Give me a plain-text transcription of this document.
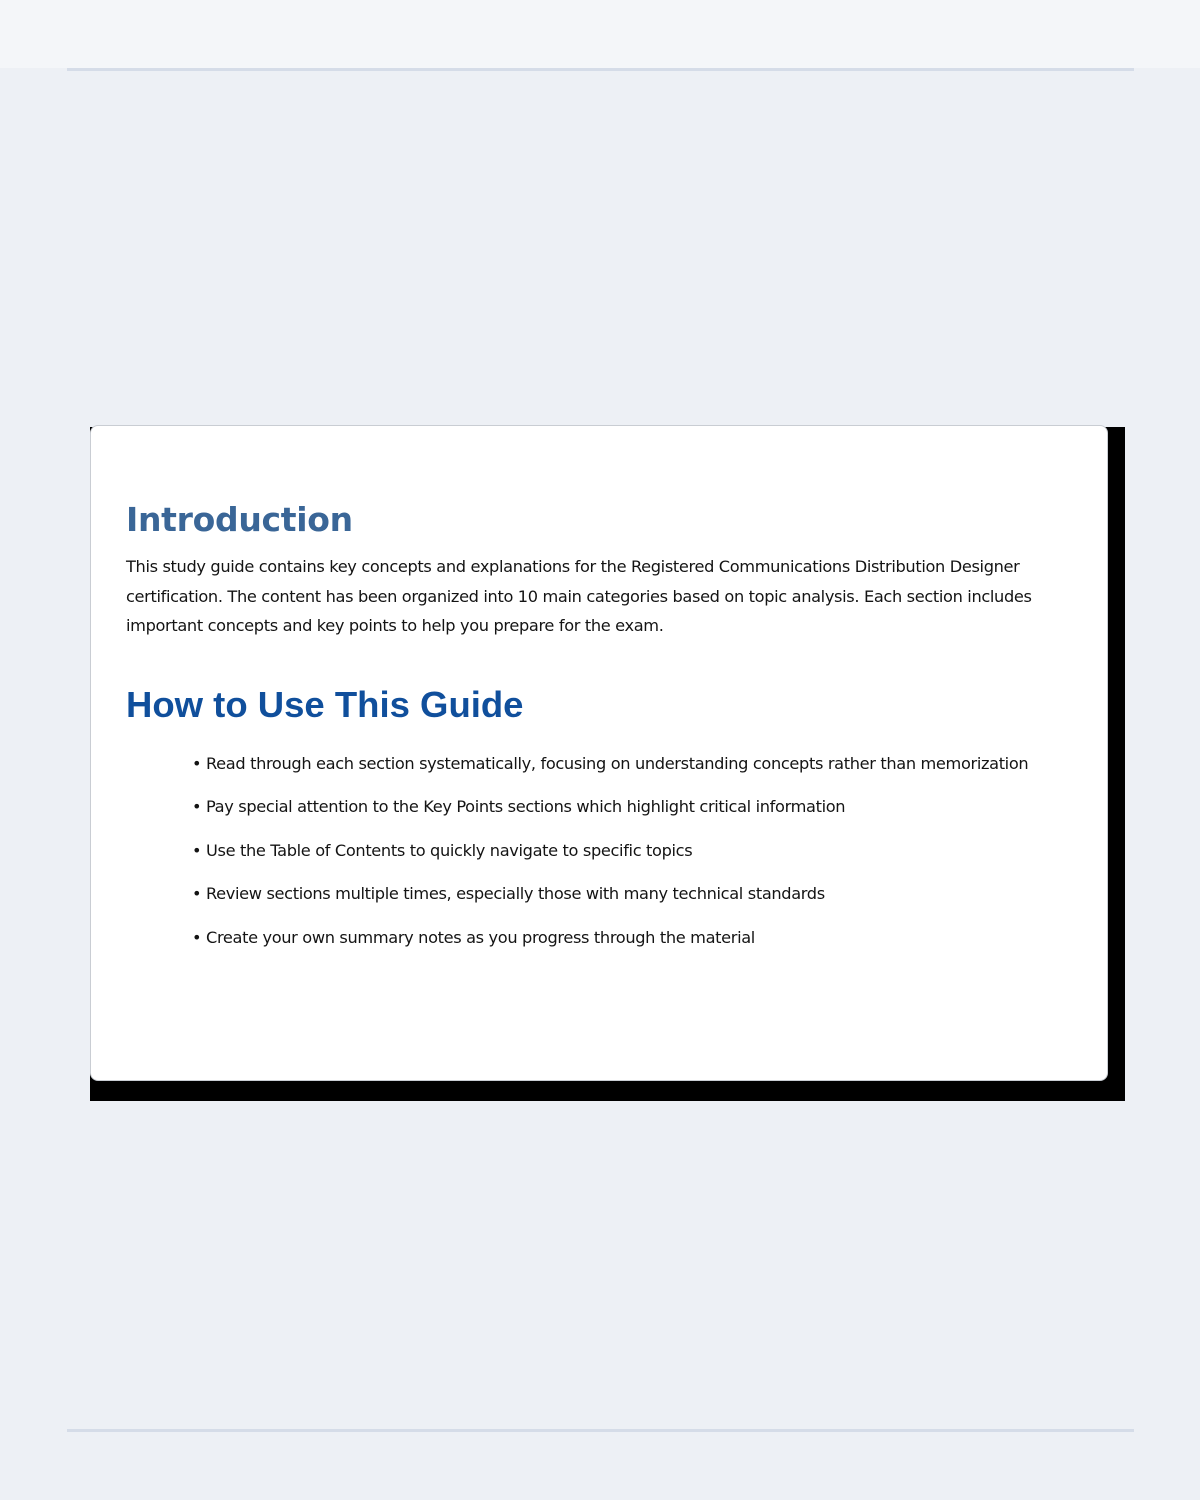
Introduction

This study guide contains key concepts and explanations for the Registered Communications Distribution Designer certification. The content has been organized into 10 main categories based on topic analysis. Each section includes important concepts and key points to help you prepare for the exam.

How to Use This Guide
• Read through each section systematically, focusing on understanding concepts rather than memorization
• Pay special attention to the Key Points sections which highlight critical information
• Use the Table of Contents to quickly navigate to specific topics
• Review sections multiple times, especially those with many technical standards
• Create your own summary notes as you progress through the material
